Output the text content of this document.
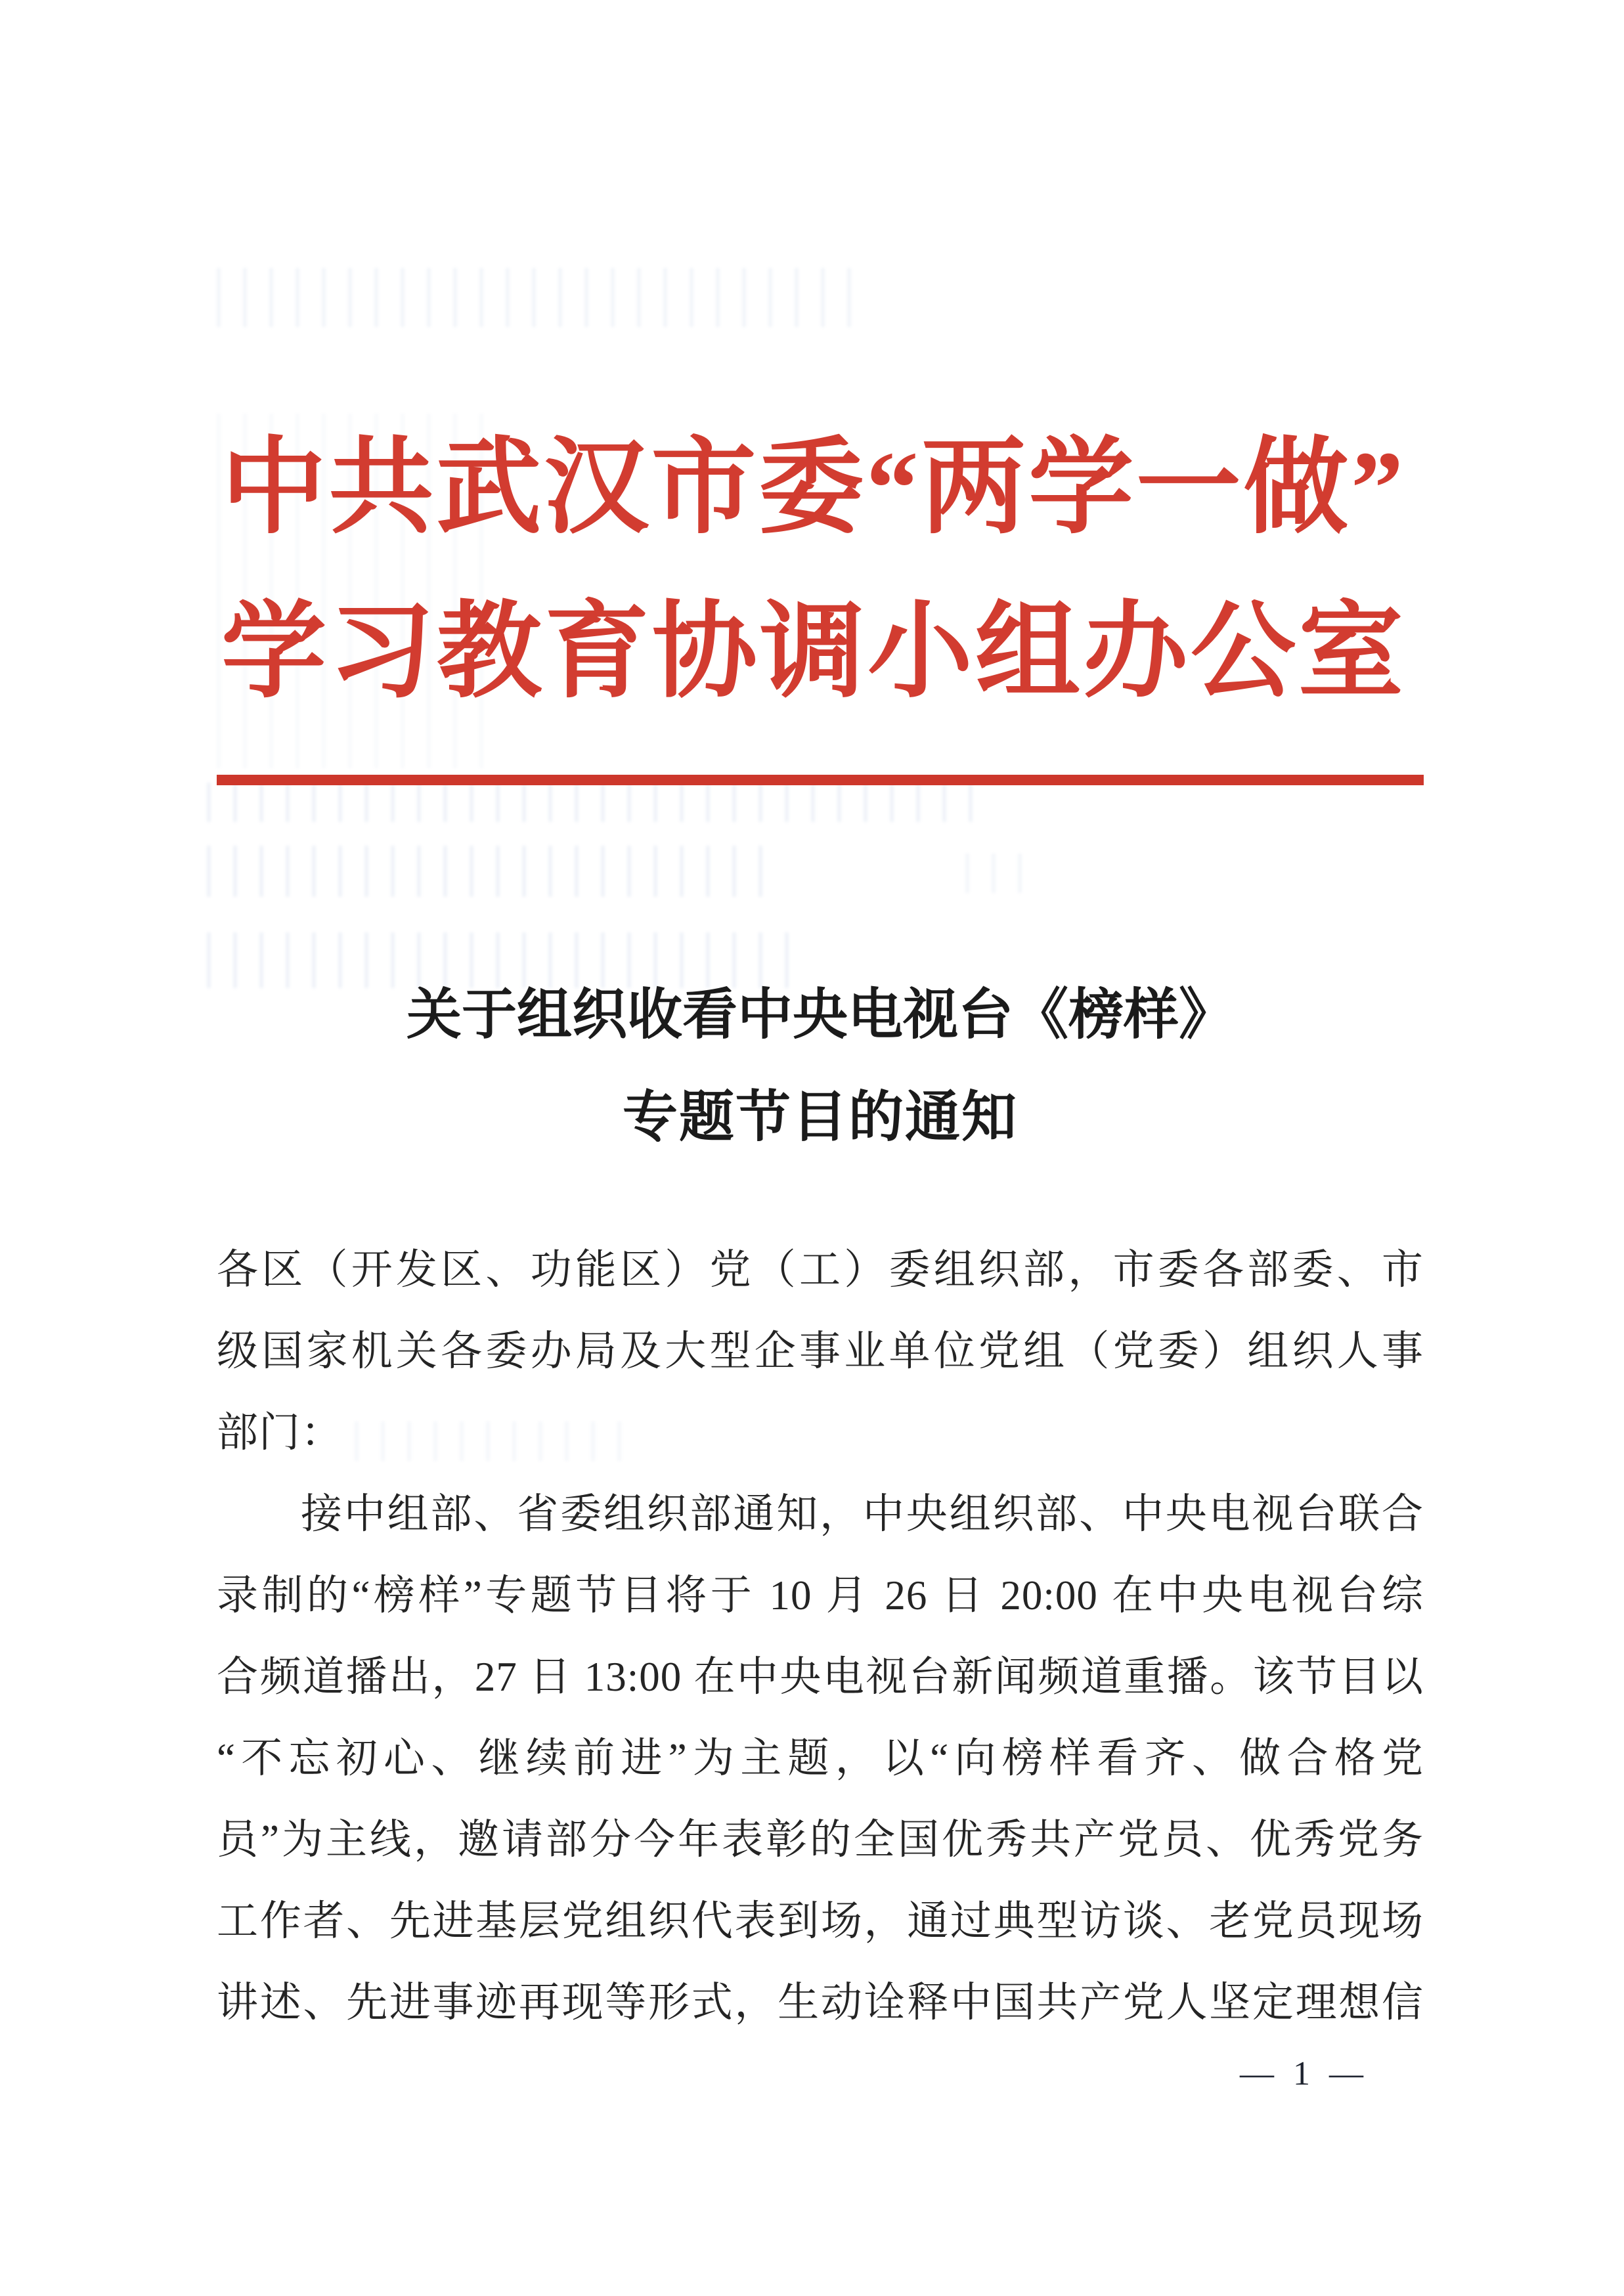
中共武汉市委“两学一做”
学习教育协调小组办公室
关于组织收看中央电视台《榜样》
专题节目的通知
各区（开发区、功能区）党（工）委组织部，市委各部委、市
级国家机关各委办局及大型企事业单位党组（党委）组织人事
部门：
接中组部、省委组织部通知，中央组织部、中央电视台联合
录制的“榜样”专题节目将于 10 月 26 日 20:00 在中央电视台综
合频道播出，27 日 13:00 在中央电视台新闻频道重播。该节目以
“不忘初心、继续前进”为主题，以“向榜样看齐、做合格党
员”为主线，邀请部分今年表彰的全国优秀共产党员、优秀党务
工作者、先进基层党组织代表到场，通过典型访谈、老党员现场
讲述、先进事迹再现等形式，生动诠释中国共产党人坚定理想信
— 1 —
